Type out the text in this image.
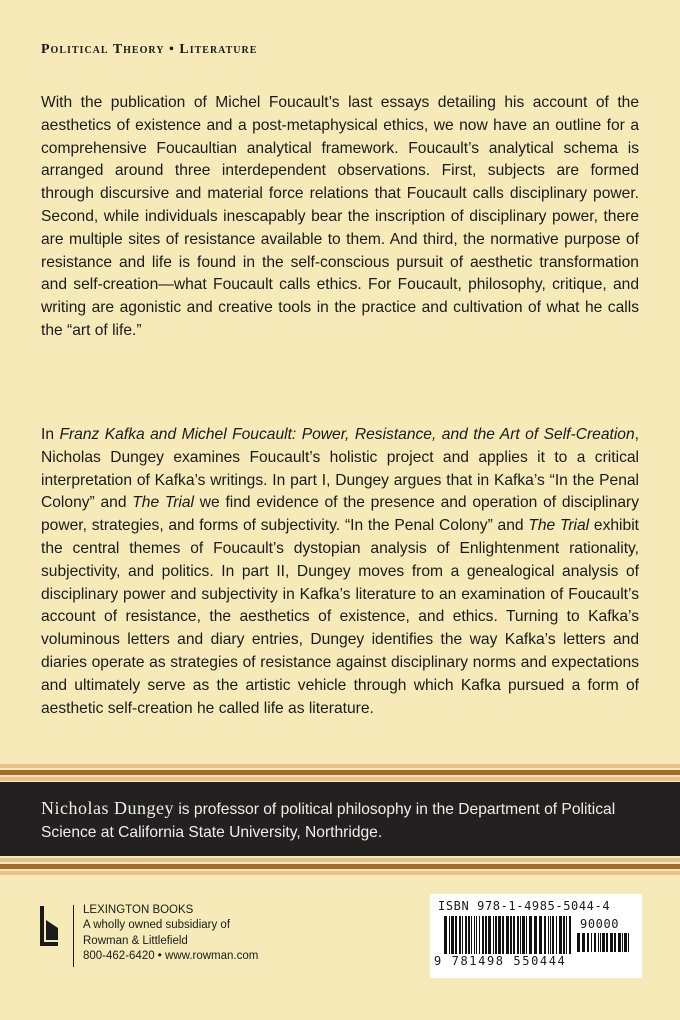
Political Theory • Literature

With the publication of Michel Foucault’s last essays detailing his account of the aesthetics of existence and a post-metaphysical ethics, we now have an outline for a comprehensive Foucaultian analytical framework. Foucault’s analytical schema is arranged around three interdependent observations. First, subjects are formed through discursive and material force relations that Foucault calls disciplinary power. Second, while individuals inescapably bear the inscription of disciplinary power, there are multiple sites of resistance available to them. And third, the normative purpose of resistance and life is found in the self-conscious pursuit of aesthetic transformation and self-creation—what Foucault calls ethics. For Foucault, philosophy, critique, and writing are agonistic and creative tools in the practice and cultivation of what he calls the “art of life.”

In Franz Kafka and Michel Foucault: Power, Resistance, and the Art of Self-Creation, Nicholas Dungey examines Foucault’s holistic project and applies it to a critical interpretation of Kafka’s writings. In part I, Dungey argues that in Kafka’s “In the Penal Colony” and The Trial we find evidence of the presence and operation of disciplinary power, strategies, and forms of subjectivity. “In the Penal Colony” and The Trial exhibit the central themes of Foucault’s dystopian analysis of Enlightenment rationality, subjectivity, and politics. In part II, Dungey moves from a genealogical analysis of disciplinary power and subjectivity in Kafka’s literature to an examination of Foucault’s account of resistance, the aesthetics of existence, and ethics. Turning to Kafka’s voluminous letters and diary entries, Dungey identifies the way Kafka’s letters and diaries operate as strategies of resistance against disciplinary norms and expectations and ultimately serve as the artistic vehicle through which Kafka pursued a form of aesthetic self-creation he called life as literature.

Nicholas Dungey is professor of political philosophy in the Department of Political Science at California State University, Northridge.

LEXINGTON BOOKS
A wholly owned subsidiary of
Rowman & Littlefield
800-462-6420 • www.rowman.com
ISBN 978-1-4985-5044-4
90000
9 781498 550444
